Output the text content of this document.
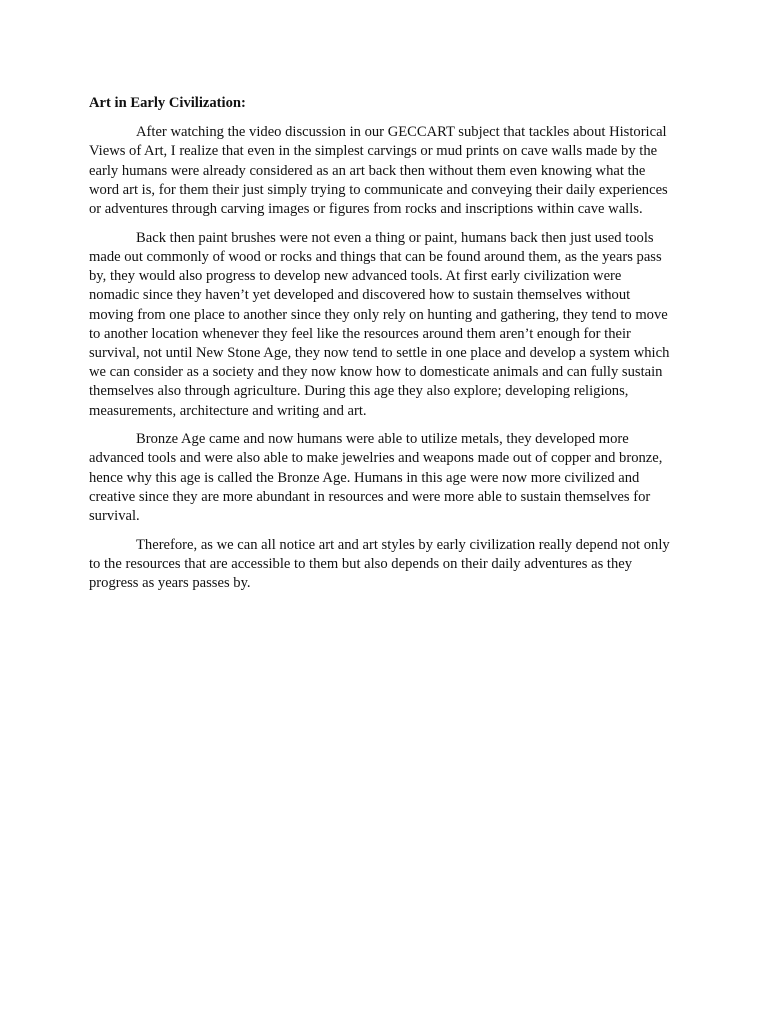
Art in Early Civilization:

After watching the video discussion in our GECCART subject that tackles about Historical Views of Art, I realize that even in the simplest carvings or mud prints on cave walls made by the early humans were already considered as an art back then without them even knowing what the word art is, for them their just simply trying to communicate and conveying their daily experiences or adventures through carving images or figures from rocks and inscriptions within cave walls.

Back then paint brushes were not even a thing or paint, humans back then just used tools made out commonly of wood or rocks and things that can be found around them, as the years pass by, they would also progress to develop new advanced tools. At first early civilization were nomadic since they haven’t yet developed and discovered how to sustain themselves without moving from one place to another since they only rely on hunting and gathering, they tend to move to another location whenever they feel like the resources around them aren’t enough for their survival, not until New Stone Age, they now tend to settle in one place and develop a system which we can consider as a society and they now know how to domesticate animals and can fully sustain themselves also through agriculture. During this age they also explore; developing religions, measurements, architecture and writing and art.

Bronze Age came and now humans were able to utilize metals, they developed more advanced tools and were also able to make jewelries and weapons made out of copper and bronze, hence why this age is called the Bronze Age. Humans in this age were now more civilized and creative since they are more abundant in resources and were more able to sustain themselves for survival.

Therefore, as we can all notice art and art styles by early civilization really depend not only to the resources that are accessible to them but also depends on their daily adventures as they progress as years passes by.
